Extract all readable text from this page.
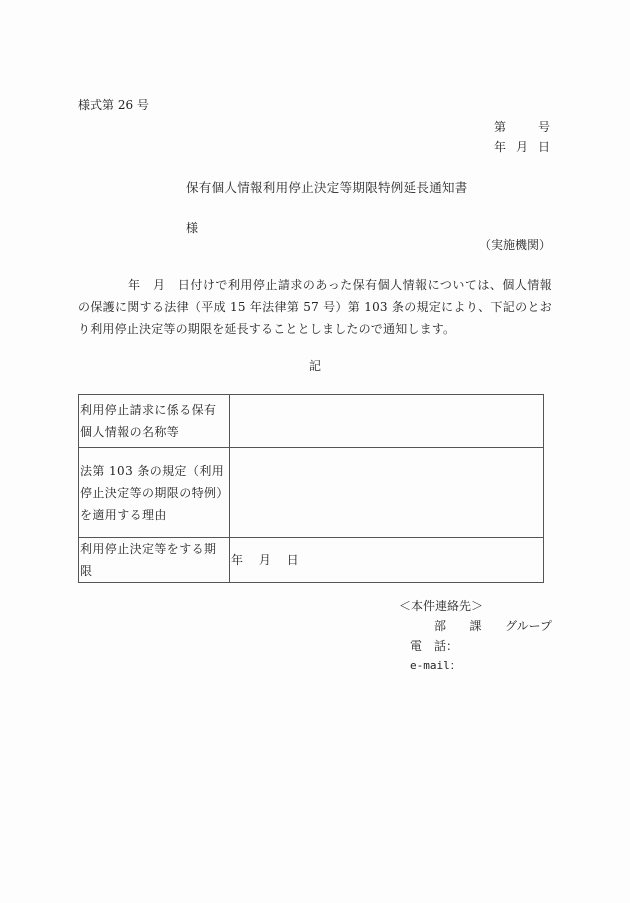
様式第 26 号
第	号
年 月 日
保有個人情報利用停止決定等期限特例延長通知書
様
（実施機関）
　　　　年　月　日付けで利用停止請求のあった保有個人情報については、個人情報の保護に関する法律（平成 15 年法律第 57 号）第 103 条の規定により、下記のとおり利用停止決定等の期限を延長することとしましたので通知します。
記
利用停止請求に係る保有個人情報の名称等	
法第 103 条の規定（利用停止決定等の期限の特例）を適用する理由	
利用停止決定等をする期限	年　 月 　日
＜本件連絡先＞
部 課 グループ
電　話：
e-mail：
